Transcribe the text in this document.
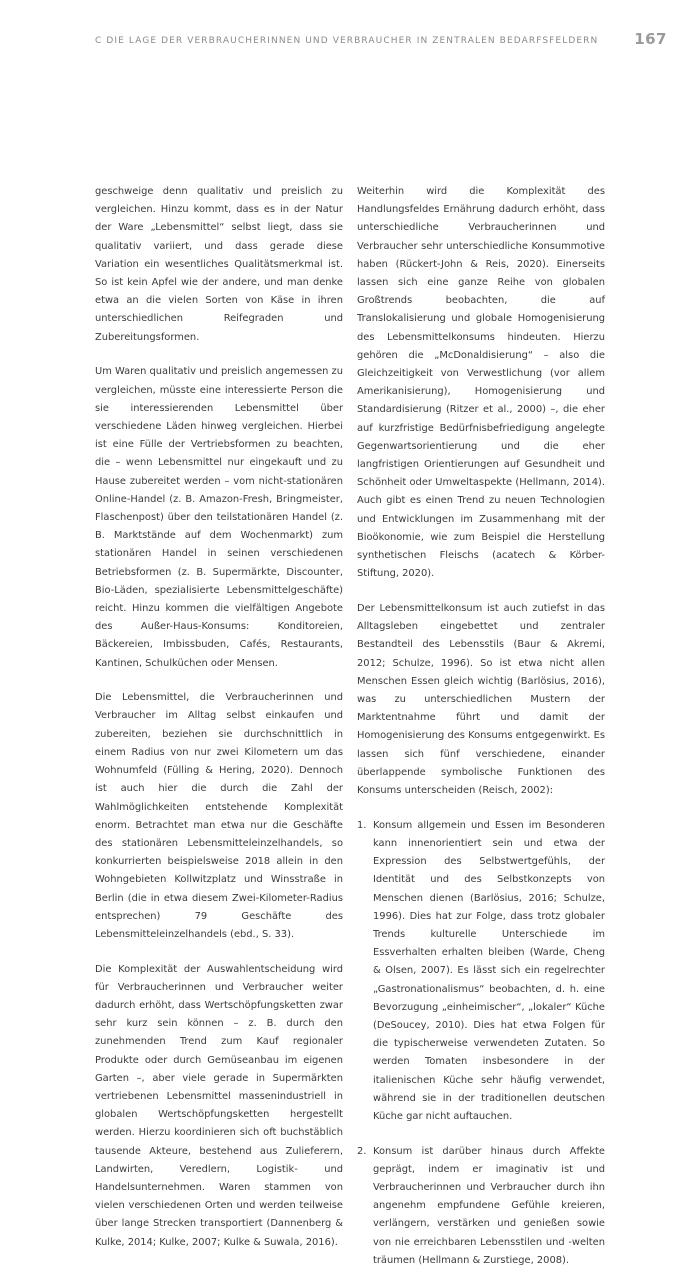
C DIE LAGE DER VERBRAUCHERINNEN UND VERBRAUCHER IN ZENTRALEN BEDARFSFELDERN 167

geschweige denn qualitativ und preislich zu vergleichen. Hinzu kommt, dass es in der Natur der Ware „Lebensmittel“ selbst liegt, dass sie qualitativ variiert, und dass gerade diese Variation ein wesentliches Qualitätsmerkmal ist. So ist kein Apfel wie der andere, und man denke etwa an die vielen Sorten von Käse in ihren unterschiedlichen Reifegraden und Zubereitungsformen.

Um Waren qualitativ und preislich angemessen zu vergleichen, müsste eine interessierte Person die sie interessierenden Lebensmittel über verschiedene Läden hinweg vergleichen. Hierbei ist eine Fülle der Vertriebsformen zu beachten, die – wenn Lebensmittel nur eingekauft und zu Hause zubereitet werden – vom nicht-stationären Online-Handel (z. B. Amazon-Fresh, Bringmeister, Flaschenpost) über den teilstationären Handel (z. B. Marktstände auf dem Wochenmarkt) zum stationären Handel in seinen verschiedenen Betriebsformen (z. B. Supermärkte, Discounter, Bio-Läden, spezialisierte Lebensmittelgeschäfte) reicht. Hinzu kommen die vielfältigen Angebote des Außer-Haus-Konsums: Konditoreien, Bäckereien, Imbissbuden, Cafés, Restaurants, Kantinen, Schulküchen oder Mensen.

Die Lebensmittel, die Verbraucherinnen und Verbraucher im Alltag selbst einkaufen und zubereiten, beziehen sie durchschnittlich in einem Radius von nur zwei Kilometern um das Wohnumfeld (Fülling & Hering, 2020). Dennoch ist auch hier die durch die Zahl der Wahlmöglichkeiten entstehende Komplexität enorm. Betrachtet man etwa nur die Geschäfte des stationären Lebensmitteleinzelhandels, so konkurrierten beispielsweise 2018 allein in den Wohngebieten Kollwitzplatz und Winsstraße in Berlin (die in etwa diesem Zwei-Kilometer-Radius entsprechen) 79 Geschäfte des Lebensmitteleinzelhandels (ebd., S. 33).

Die Komplexität der Auswahlentscheidung wird für Verbraucherinnen und Verbraucher weiter dadurch erhöht, dass Wertschöpfungsketten zwar sehr kurz sein können – z. B. durch den zunehmenden Trend zum Kauf regionaler Produkte oder durch Gemüseanbau im eigenen Garten –, aber viele gerade in Supermärkten vertriebenen Lebensmittel massenindustriell in globalen Wertschöpfungsketten hergestellt werden. Hierzu koordinieren sich oft buchstäblich tausende Akteure, bestehend aus Zulieferern, Landwirten, Veredlern, Logistik- und Handelsunternehmen. Waren stammen von vielen verschiedenen Orten und werden teilweise über lange Strecken transportiert (Dannenberg & Kulke, 2014; Kulke, 2007; Kulke & Suwala, 2016).

Weiterhin wird die Komplexität des Handlungsfeldes Ernährung dadurch erhöht, dass unterschiedliche Verbraucherinnen und Verbraucher sehr unterschiedliche Konsummotive haben (Rückert-John & Reis, 2020). Einerseits lassen sich eine ganze Reihe von globalen Großtrends beobachten, die auf Translokalisierung und globale Homogenisierung des Lebensmittelkonsums hindeuten. Hierzu gehören die „McDonaldisierung“ – also die Gleichzeitigkeit von Verwestlichung (vor allem Amerikanisierung), Homogenisierung und Standardisierung (Ritzer et al., 2000) –, die eher auf kurzfristige Bedürfnisbefriedigung angelegte Gegenwartsorientierung und die eher langfristigen Orientierungen auf Gesundheit und Schönheit oder Umweltaspekte (Hellmann, 2014). Auch gibt es einen Trend zu neuen Technologien und Entwicklungen im Zusammenhang mit der Bioökonomie, wie zum Beispiel die Herstellung synthetischen Fleischs (acatech & Körber-Stiftung, 2020).

Der Lebensmittelkonsum ist auch zutiefst in das Alltagsleben eingebettet und zentraler Bestandteil des Lebensstils (Baur & Akremi, 2012; Schulze, 1996). So ist etwa nicht allen Menschen Essen gleich wichtig (Barlösius, 2016), was zu unterschiedlichen Mustern der Marktentnahme führt und damit der Homogenisierung des Konsums entgegenwirkt. Es lassen sich fünf verschiedene, einander überlappende symbolische Funktionen des Konsums unterscheiden (Reisch, 2002):

1. Konsum allgemein und Essen im Besonderen kann innenorientiert sein und etwa der Expression des Selbstwertgefühls, der Identität und des Selbstkonzepts von Menschen dienen (Barlösius, 2016; Schulze, 1996). Dies hat zur Folge, dass trotz globaler Trends kulturelle Unterschiede im Essverhalten erhalten bleiben (Warde, Cheng & Olsen, 2007). Es lässt sich ein regelrechter „Gastronationalismus“ beobachten, d. h. eine Bevorzugung „einheimischer“, „lokaler“ Küche (DeSoucey, 2010). Dies hat etwa Folgen für die typischerweise verwendeten Zutaten. So werden Tomaten insbesondere in der italienischen Küche sehr häufig verwendet, während sie in der traditionellen deutschen Küche gar nicht auftauchen.
2. Konsum ist darüber hinaus durch Affekte geprägt, indem er imaginativ ist und Verbraucherinnen und Verbraucher durch ihn angenehm empfundene Gefühle kreieren, verlängern, verstärken und genießen sowie von nie erreichbaren Lebensstilen und -welten träumen (Hellmann & Zurstiege, 2008).
